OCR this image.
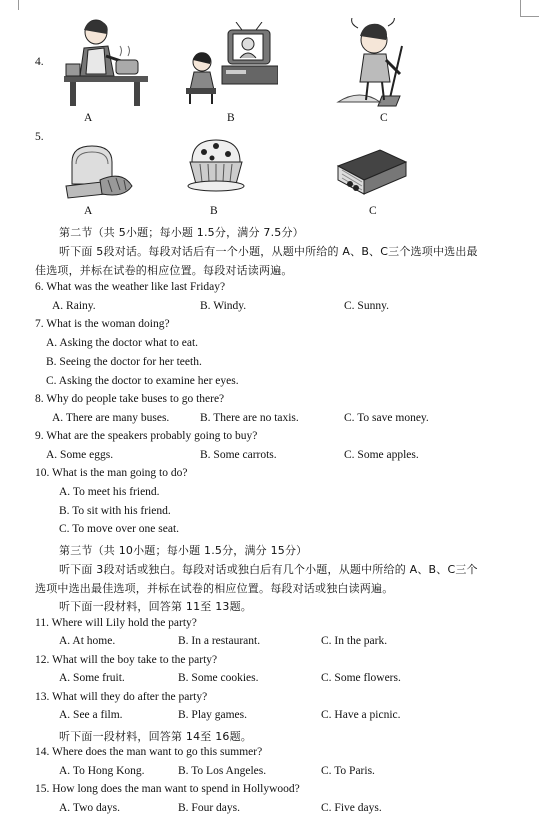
4.
A	B	C
5.
A	B	C
第二节（共 5小题；每小题 1.5分，满分 7.5分）
听下面 5段对话。每段对话后有一个小题，从题中所给的 A、B、C三个选项中选出最
佳选项，并标在试卷的相应位置。每段对话读两遍。
6. What was the weather like last Friday?
A. Rainy.	B. Windy.	C. Sunny.
7. What is the woman doing?
A. Asking the doctor what to eat.
B. Seeing the doctor for her teeth.
C. Asking the doctor to examine her eyes.
8. Why do people take buses to go there?
A. There are many buses.	B. There are no taxis.	C. To save money.
9. What are the speakers probably going to buy?
A. Some eggs.	B. Some carrots.	C. Some apples.
10. What is the man going to do?
A. To meet his friend.
B. To sit with his friend.
C. To move over one seat.
第三节（共 10小题；每小题 1.5分，满分 15分）
听下面 3段对话或独白。每段对话或独白后有几个小题，从题中所给的 A、B、C三个
选项中选出最佳选项，并标在试卷的相应位置。每段对话或独白读两遍。
听下面一段材料，回答第 11至 13题。
11. Where will Lily hold the party?
A. At home.	B. In a restaurant.	C. In the park.
12. What will the boy take to the party?
A. Some fruit.	B. Some cookies.	C. Some flowers.
13. What will they do after the party?
A. See a film.	B. Play games.	C. Have a picnic.
听下面一段材料，回答第 14至 16题。
14. Where does the man want to go this summer?
A. To Hong Kong.	B. To Los Angeles.	C. To Paris.
15. How long does the man want to spend in Hollywood?
A. Two days.	B. Four days.	C. Five days.
